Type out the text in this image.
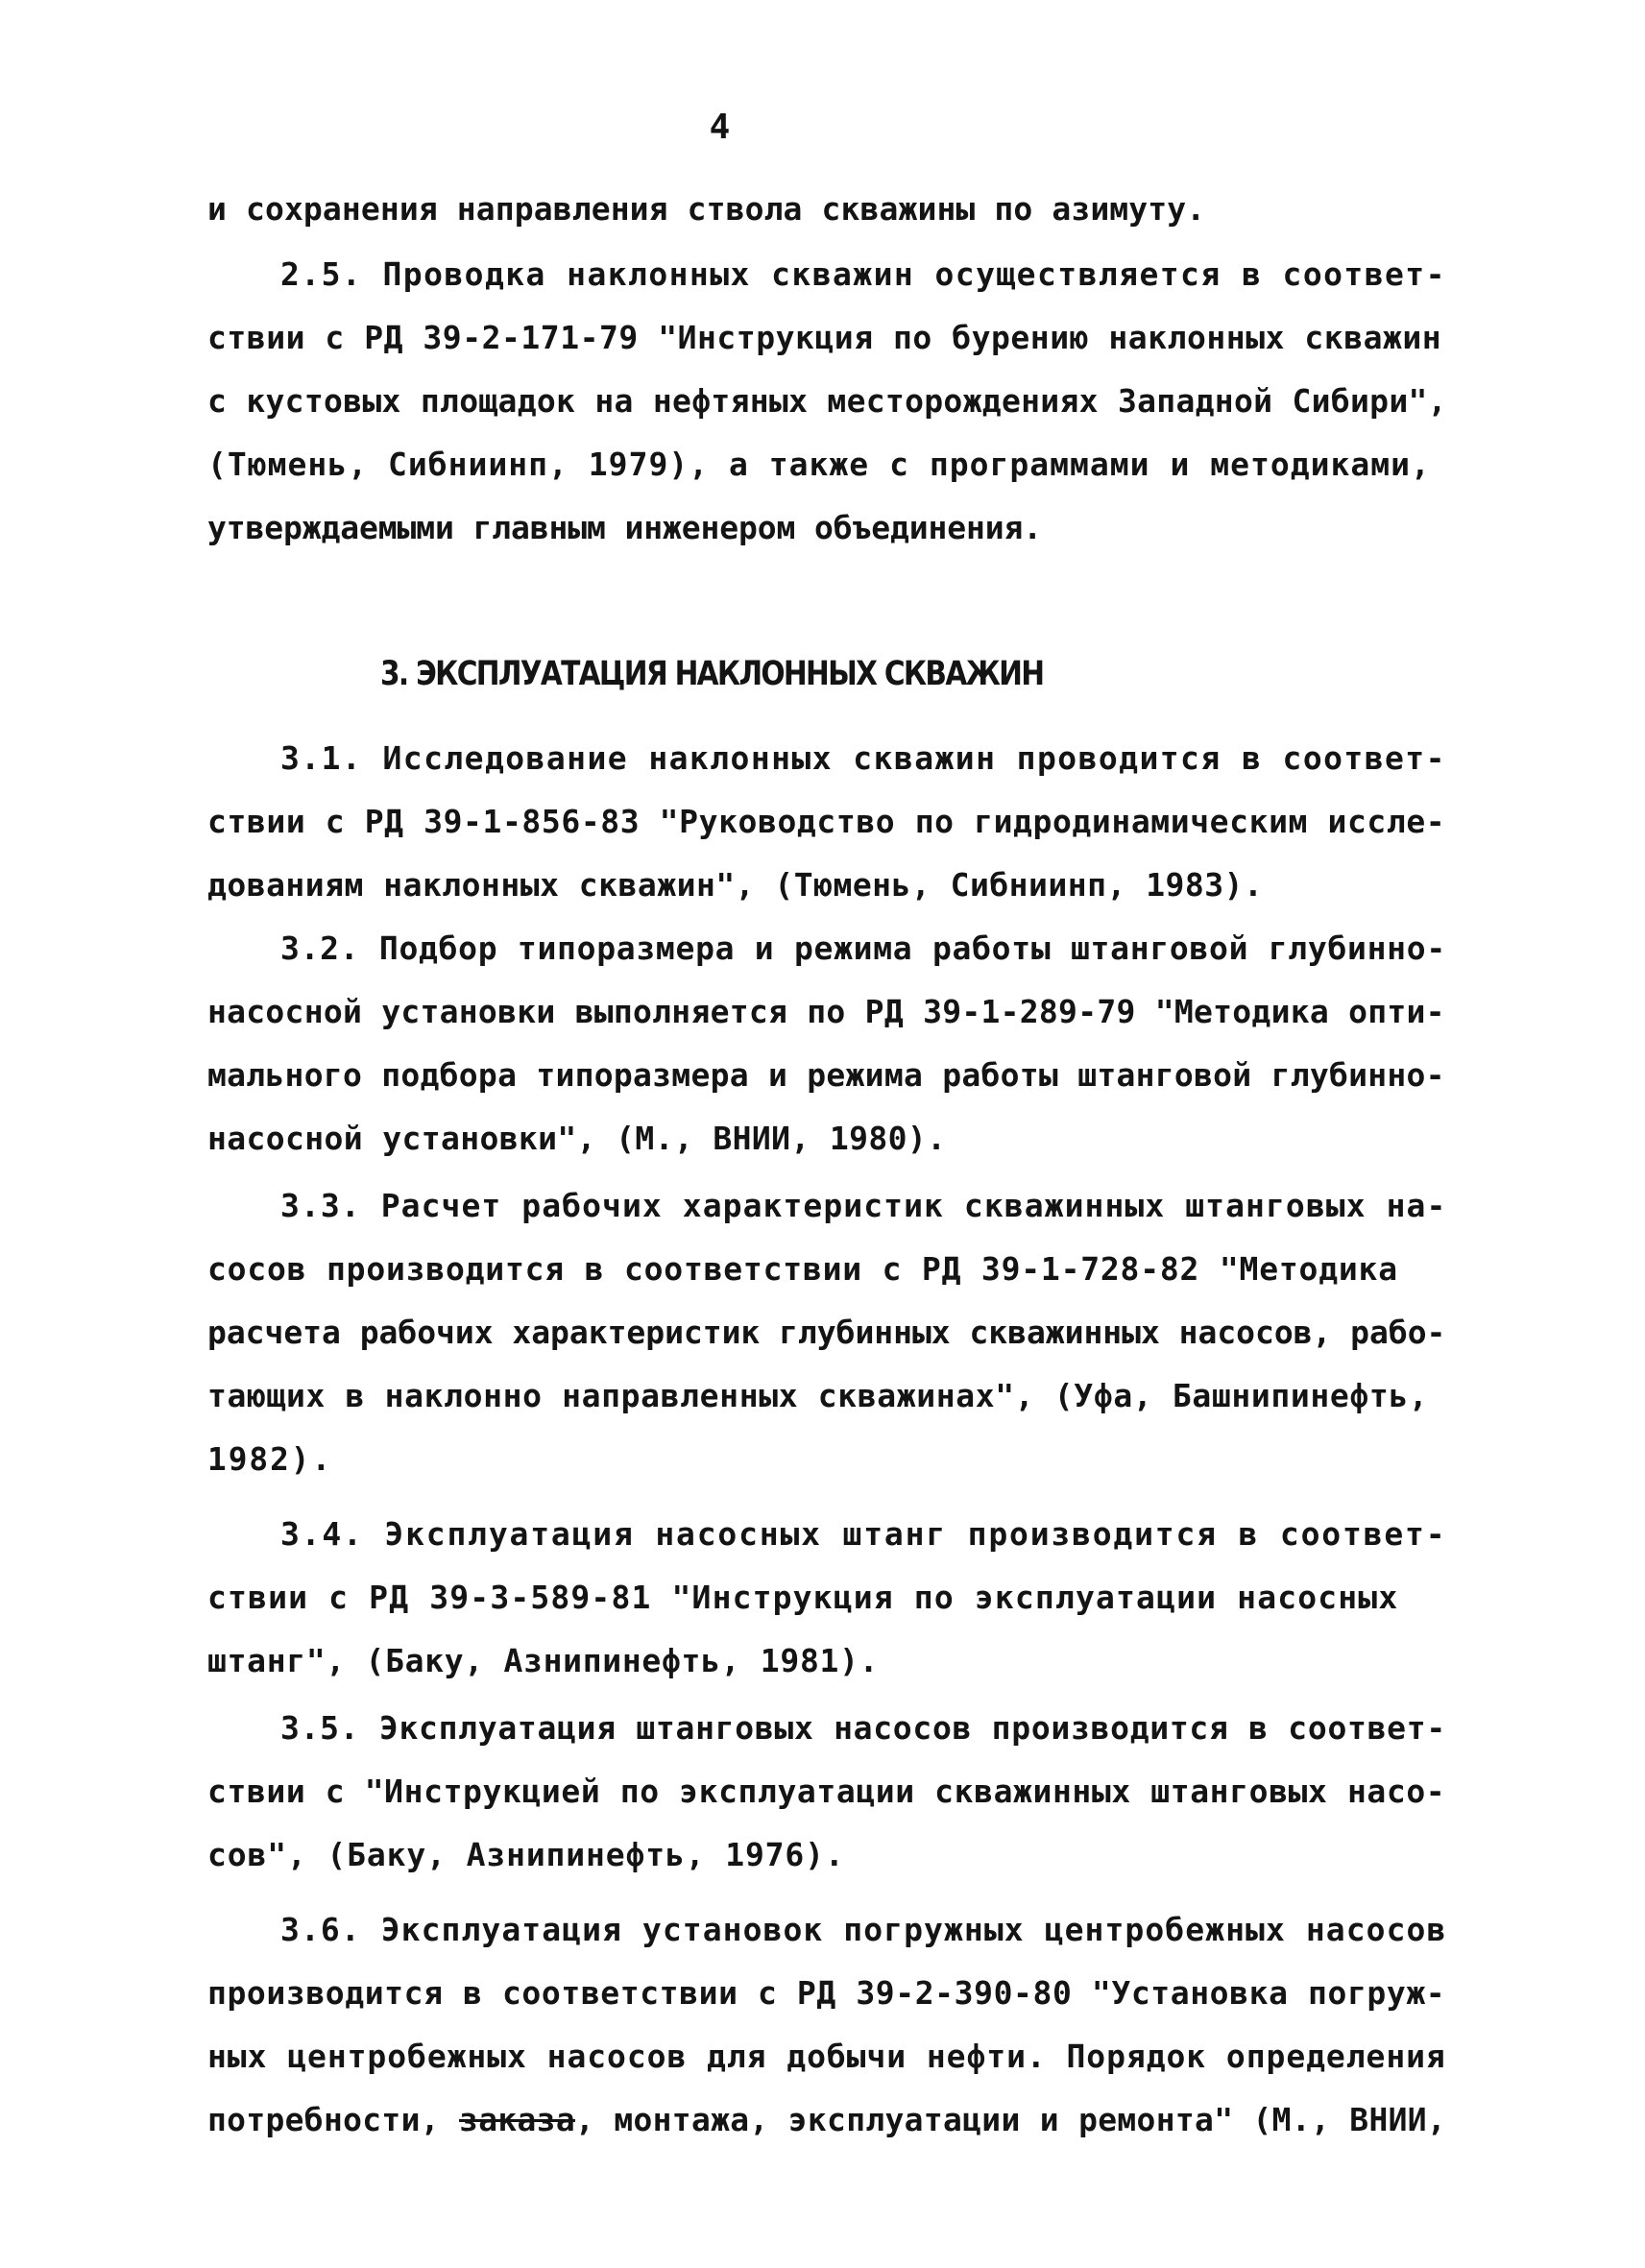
4
и сохранения направления ствола скважины по азимуту.
2.5. Проводка наклонных скважин осуществляется в соответ-
ствии с РД 39-2-171-79 "Инструкция по бурению наклонных скважин
с кустовых площадок на нефтяных месторождениях Западной Сибири",
(Тюмень, Сибниинп, 1979), а также с программами и методиками,
утверждаемыми главным инженером объединения.
3. ЭКСПЛУАТАЦИЯ НАКЛОННЫХ СКВАЖИН
3.1. Исследование наклонных скважин проводится в соответ-
ствии с РД 39-1-856-83 "Руководство по гидродинамическим иссле-
дованиям наклонных скважин", (Тюмень, Сибниинп, 1983).
3.2. Подбор типоразмера и режима работы штанговой глубинно-
насосной установки выполняется по РД 39-1-289-79 "Методика опти-
мального подбора типоразмера и режима работы штанговой глубинно-
насосной установки", (М., ВНИИ, 1980).
3.3. Расчет рабочих характеристик скважинных штанговых на-
сосов производится в соответствии с РД 39-1-728-82 "Методика
расчета рабочих характеристик глубинных скважинных насосов, рабо-
тающих в наклонно направленных скважинах", (Уфа, Башнипинефть,
1982).
3.4. Эксплуатация насосных штанг производится в соответ-
ствии с РД 39-3-589-81 "Инструкция по эксплуатации насосных
штанг", (Баку, Азнипинефть, 1981).
3.5. Эксплуатация штанговых насосов производится в соответ-
ствии с "Инструкцией по эксплуатации скважинных штанговых насо-
сов", (Баку, Азнипинефть, 1976).
3.6. Эксплуатация установок погружных центробежных насосов
производится в соответствии с РД 39-2-390-80 "Установка погруж-
ных центробежных насосов для добычи нефти. Порядок определения
потребности, заказа, монтажа, эксплуатации и ремонта" (М., ВНИИ,
